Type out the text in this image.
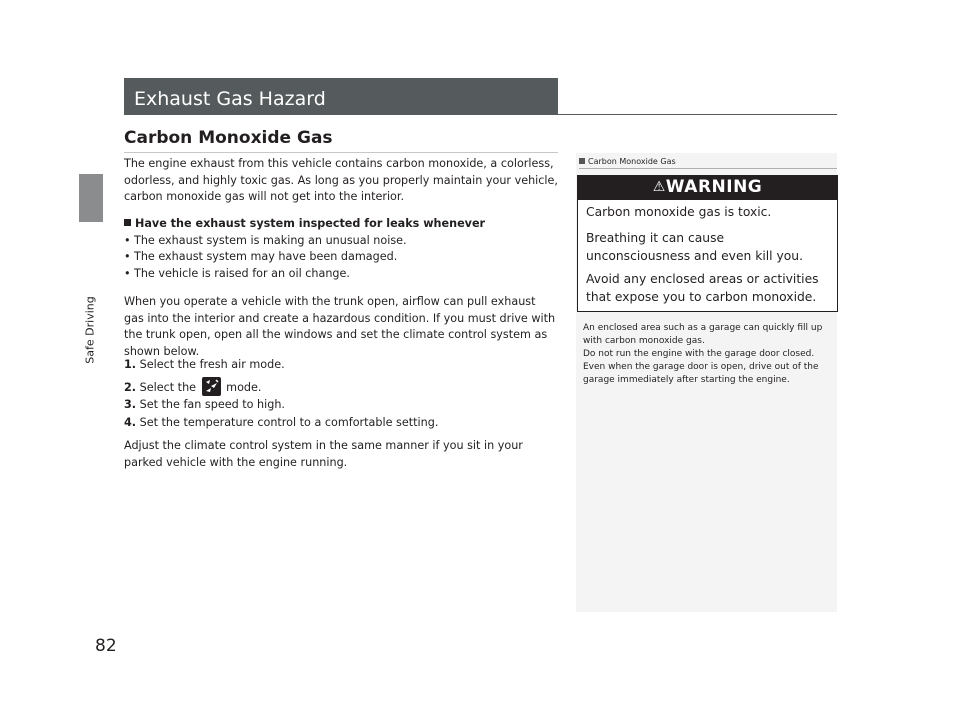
Safe Driving
82
Exhaust Gas Hazard
Carbon Monoxide Gas

The engine exhaust from this vehicle contains carbon monoxide, a colorless, odorless, and highly toxic gas. As long as you properly maintain your vehicle, carbon monoxide gas will not get into the interior.

Have the exhaust system inspected for leaks whenever

• The exhaust system is making an unusual noise.

• The exhaust system may have been damaged.

• The vehicle is raised for an oil change.

When you operate a vehicle with the trunk open, airflow can pull exhaust gas into the interior and create a hazardous condition. If you must drive with the trunk open, open all the windows and set the climate control system as shown below.

1. Select the fresh air mode.

2. Select the	mode.

3. Set the fan speed to high.

4. Set the temperature control to a comfortable setting.

Adjust the climate control system in the same manner if you sit in your parked vehicle with the engine running.

Carbon Monoxide Gas
⚠WARNING
Carbon monoxide gas is toxic.
Breathing it can cause unconsciousness and even kill you.
Avoid any enclosed areas or activities that expose you to carbon monoxide.
An enclosed area such as a garage can quickly fill up with carbon monoxide gas.
Do not run the engine with the garage door closed. Even when the garage door is open, drive out of the garage immediately after starting the engine.
